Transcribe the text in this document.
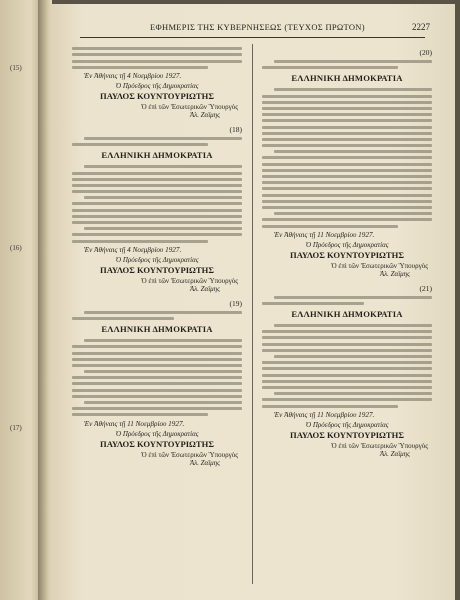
(15)
(16)
(17)
ΕΦΗΜΕΡΙΣ ΤΗΣ ΚΥΒΕΡΝΗΣΕΩΣ (ΤΕΥΧΟΣ ΠΡΩΤΟΝ)	2227
Ἐν Ἀθήναις τῇ 4 Νοεμβρίου 1927.
Ὁ Πρόεδρος τῆς Δημοκρατίας
ΠΑΥΛΟΣ ΚΟΥΝΤΟΥΡΙΩΤΗΣ
Ὁ ἐπὶ τῶν Ἐσωτερικῶν Ὑπουργὸς
Ἀλ. Ζαΐμης
(18)
ΕΛΛΗΝΙΚΗ ΔΗΜΟΚΡΑΤΙΑ
Ἐν Ἀθήναις τῇ 4 Νοεμβρίου 1927.
Ὁ Πρόεδρος τῆς Δημοκρατίας
ΠΑΥΛΟΣ ΚΟΥΝΤΟΥΡΙΩΤΗΣ
Ὁ ἐπὶ τῶν Ἐσωτερικῶν Ὑπουργὸς
Ἀλ. Ζαΐμης
(19)
ΕΛΛΗΝΙΚΗ ΔΗΜΟΚΡΑΤΙΑ
Ἐν Ἀθήναις τῇ 11 Νοεμβρίου 1927.
Ὁ Πρόεδρος τῆς Δημοκρατίας
ΠΑΥΛΟΣ ΚΟΥΝΤΟΥΡΙΩΤΗΣ
Ὁ ἐπὶ τῶν Ἐσωτερικῶν Ὑπουργὸς
Ἀλ. Ζαΐμης
(20)
ΕΛΛΗΝΙΚΗ ΔΗΜΟΚΡΑΤΙΑ
Ἐν Ἀθήναις τῇ 11 Νοεμβρίου 1927.
Ὁ Πρόεδρος τῆς Δημοκρατίας
ΠΑΥΛΟΣ ΚΟΥΝΤΟΥΡΙΩΤΗΣ
Ὁ ἐπὶ τῶν Ἐσωτερικῶν Ὑπουργὸς
Ἀλ. Ζαΐμης
(21)
ΕΛΛΗΝΙΚΗ ΔΗΜΟΚΡΑΤΙΑ
Ἐν Ἀθήναις τῇ 11 Νοεμβρίου 1927.
Ὁ Πρόεδρος τῆς Δημοκρατίας
ΠΑΥΛΟΣ ΚΟΥΝΤΟΥΡΙΩΤΗΣ
Ὁ ἐπὶ τῶν Ἐσωτερικῶν Ὑπουργὸς
Ἀλ. Ζαΐμης
